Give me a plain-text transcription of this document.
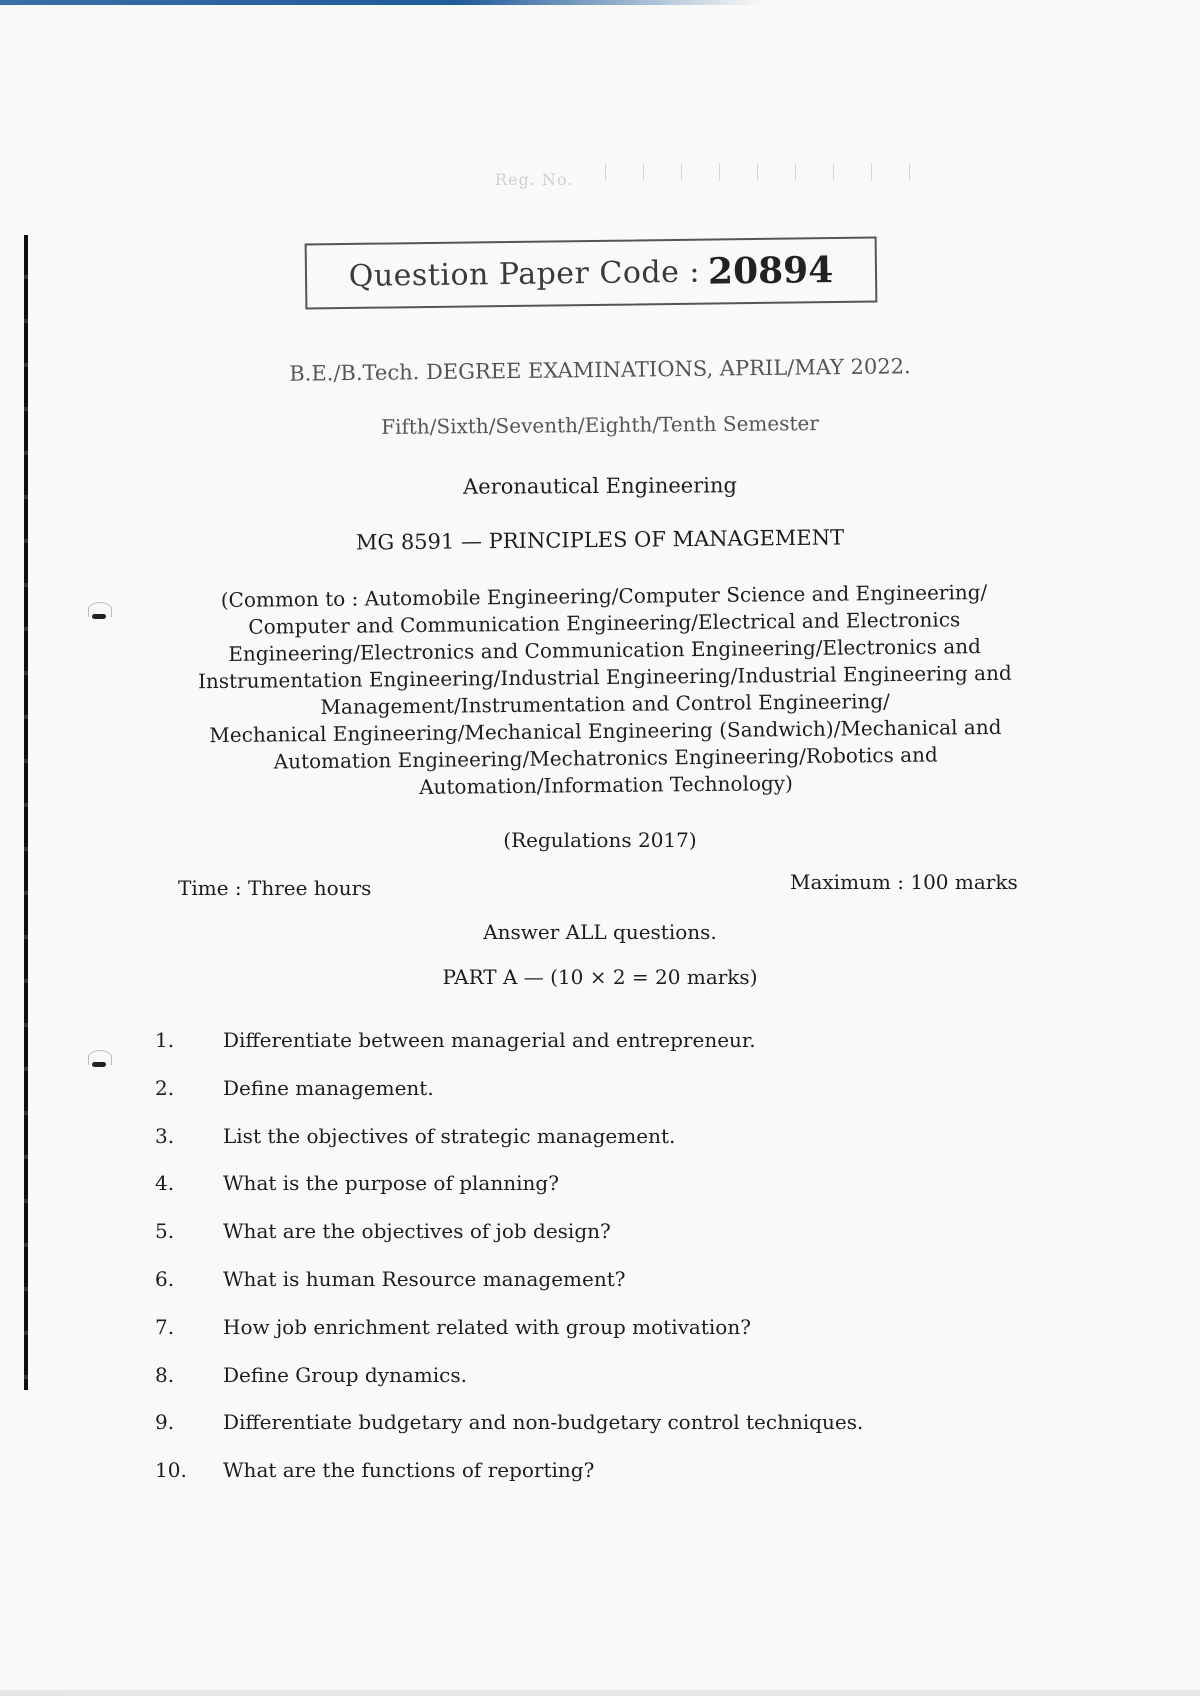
Reg. No.
Question Paper Code : 20894
B.E./B.Tech. DEGREE EXAMINATIONS, APRIL/MAY 2022.
Fifth/Sixth/Seventh/Eighth/Tenth Semester
Aeronautical Engineering
MG 8591 — PRINCIPLES OF MANAGEMENT
(Common to : Automobile Engineering/Computer Science and Engineering/
Computer and Communication Engineering/Electrical and Electronics
Engineering/Electronics and Communication Engineering/Electronics and
Instrumentation Engineering/Industrial Engineering/Industrial Engineering and
Management/Instrumentation and Control Engineering/
Mechanical Engineering/Mechanical Engineering (Sandwich)/Mechanical and
Automation Engineering/Mechatronics Engineering/Robotics and
Automation/Information Technology)
(Regulations 2017)
Time : Three hours	Maximum : 100 marks
Answer ALL questions.
PART A — (10 × 2 = 20 marks)
1.	Differentiate between managerial and entrepreneur.
2.	Define management.
3.	List the objectives of strategic management.
4.	What is the purpose of planning?
5.	What are the objectives of job design?
6.	What is human Resource management?
7.	How job enrichment related with group motivation?
8.	Define Group dynamics.
9.	Differentiate budgetary and non-budgetary control techniques.
10.	What are the functions of reporting?
